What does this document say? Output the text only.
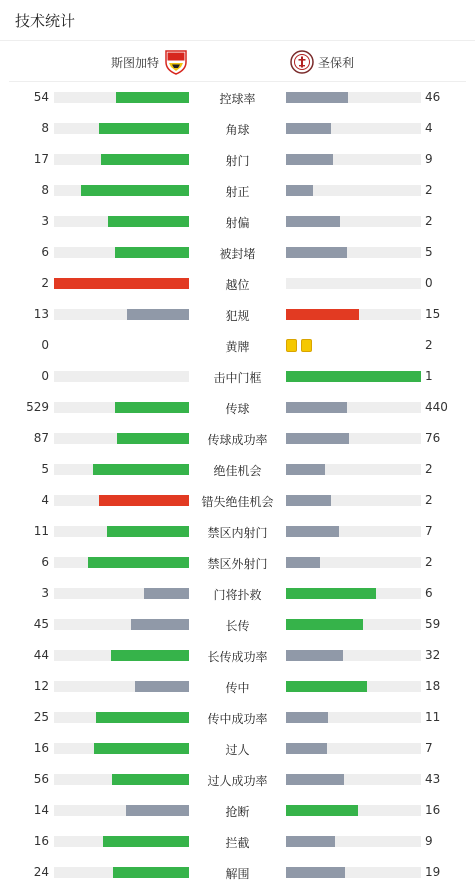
技术统计
斯图加特	圣保利
54	控球率	46
8	角球	4
17	射门	9
8	射正	2
3	射偏	2
6	被封堵	5
2	越位	0
13	犯规	15
0	黄牌	2
0	击中门框	1
529	传球	440
87	传球成功率	76
5	绝佳机会	2
4	错失绝佳机会	2
11	禁区内射门	7
6	禁区外射门	2
3	门将扑救	6
45	长传	59
44	长传成功率	32
12	传中	18
25	传中成功率	11
16	过人	7
56	过人成功率	43
14	抢断	16
16	拦截	9
24	解围	19
